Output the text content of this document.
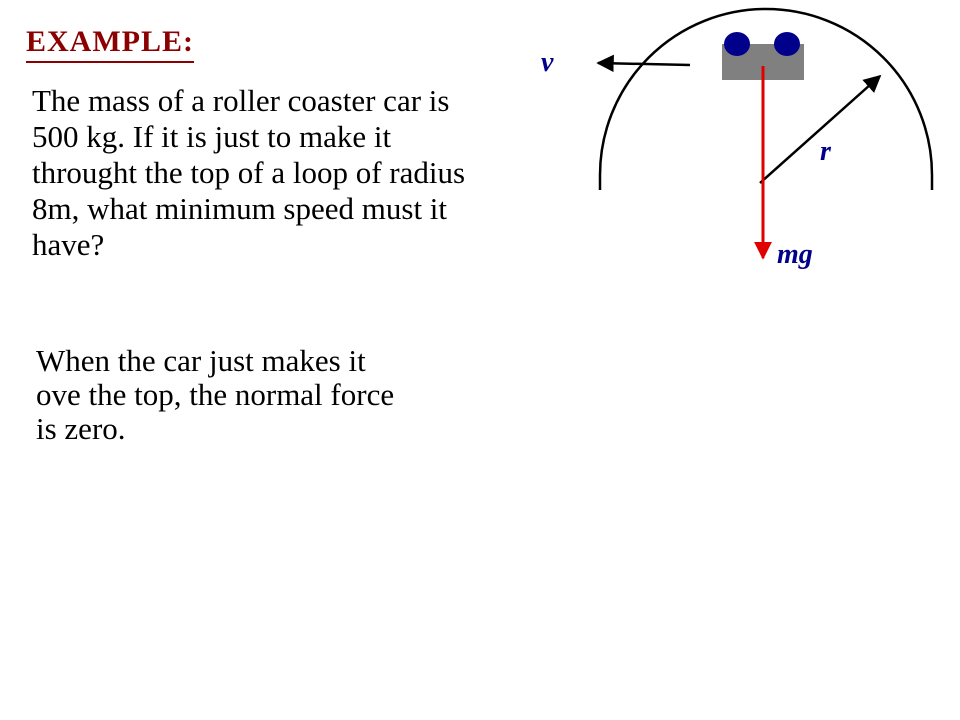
EXAMPLE:

The mass of a roller coaster car is
500 kg. If it is just to make it
throught the top of a loop of radius
8m, what minimum speed must it
have?

When the car just makes it
ove the top, the normal force
is zero.

v
r
mg
